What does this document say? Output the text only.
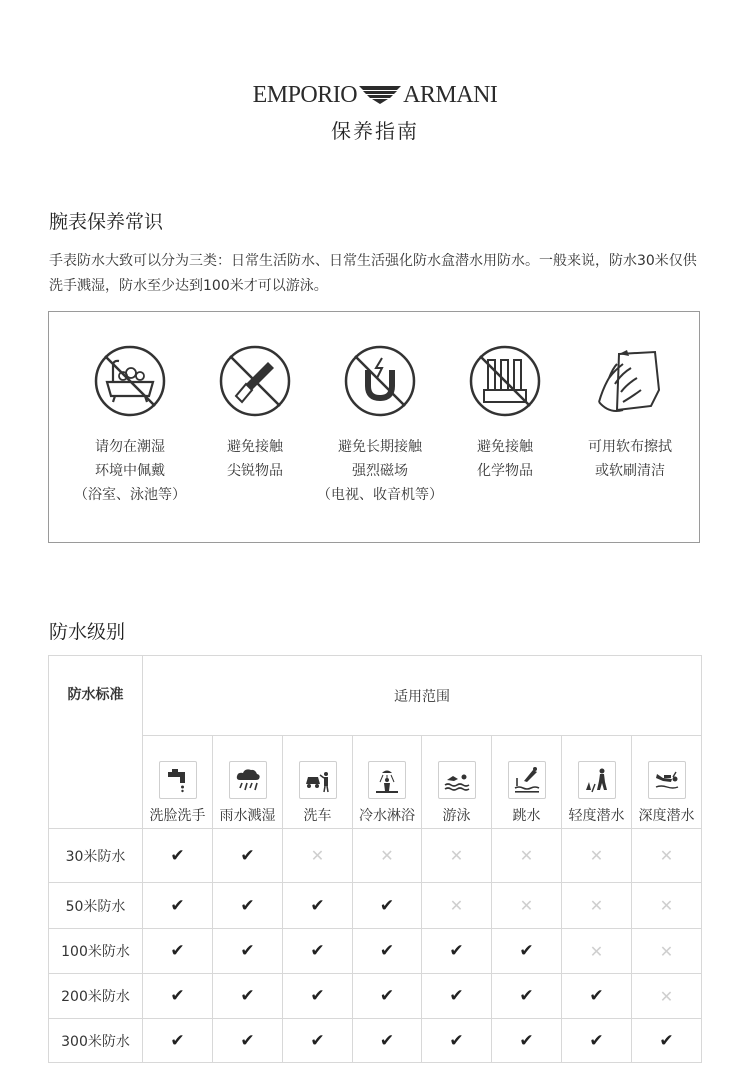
EMPORIO ARMANI
保养指南
腕表保养常识
手表防水大致可以分为三类：日常生活防水、日常生活强化防水盒潜水用防水。一般来说，防水30米仅供洗手溅湿，防水至少达到100米才可以游泳。
请勿在潮湿
环境中佩戴
（浴室、泳池等）
避免接触
尖锐物品
避免长期接触
强烈磁场
（电视、收音机等）
避免接触
化学物品
可用软布擦拭
或软刷清洁
防水级别
防水标准	适用范围							

	洗脸洗手	雨水溅湿	洗车	冷水淋浴	游泳	跳水	轻度潜水	深度潜水

30米防水	✔	✔	✕	✕	✕	✕	✕	✕
50米防水	✔	✔	✔	✔	✕	✕	✕	✕
100米防水	✔	✔	✔	✔	✔	✔	✕	✕
200米防水	✔	✔	✔	✔	✔	✔	✔	✕
300米防水	✔	✔	✔	✔	✔	✔	✔	✔
